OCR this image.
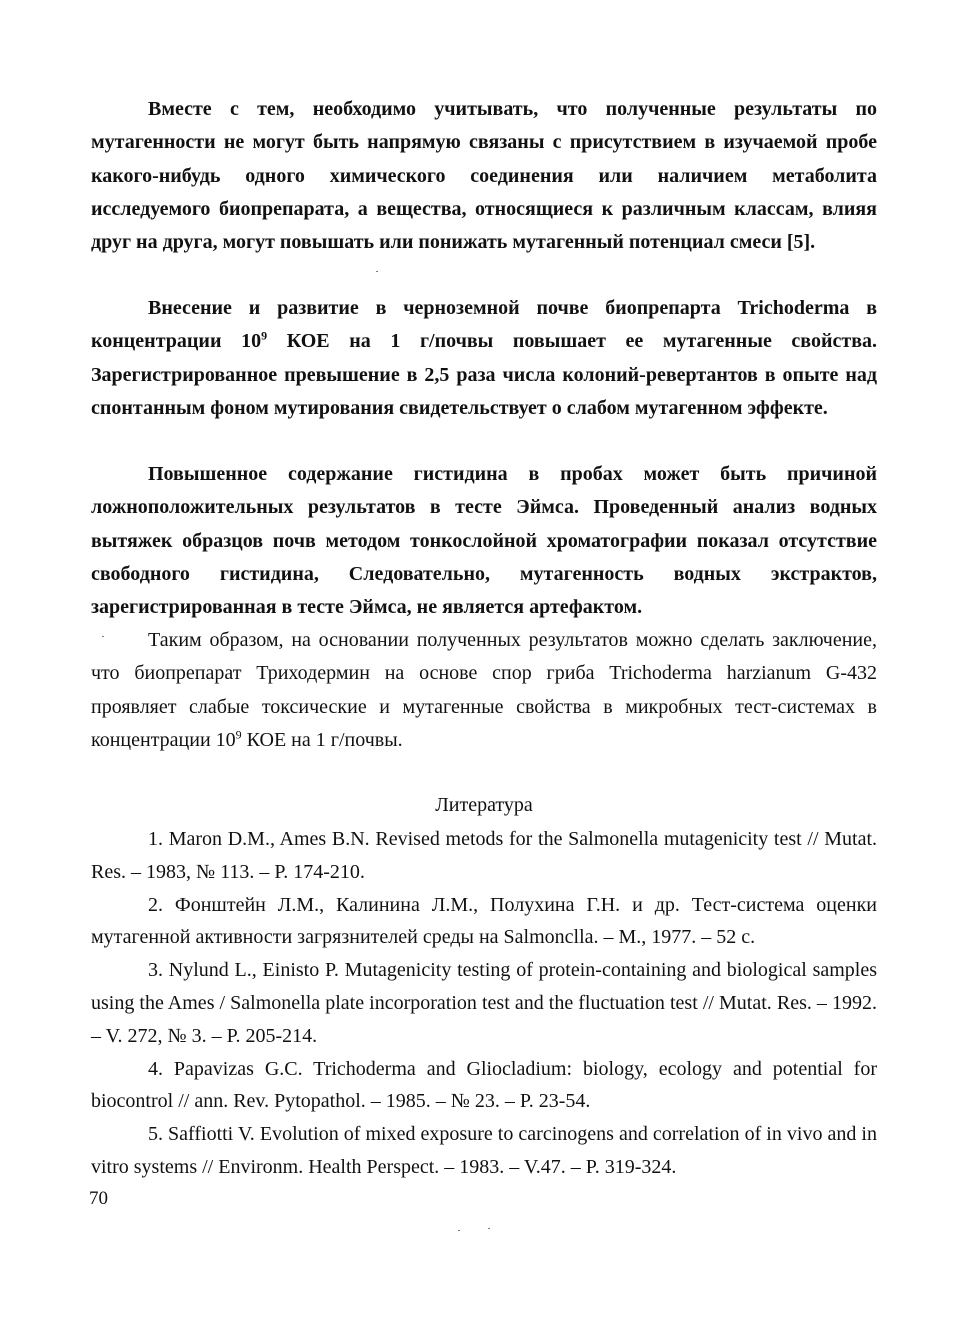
Вместе с тем, необходимо учитывать, что полученные результаты по мутагенности не могут быть напрямую связаны с присутствием в изучаемой пробе какого-нибудь одного химического соединения или наличием метаболита исследуемого биопрепарата, а вещества, относящиеся к различным классам, влияя друг на друга, могут повышать или понижать мутагенный потенциал смеси [5].

Внесение и развитие в черноземной почве биопрепарта Trichoderma в концентрации $10^9$ КОЕ на 1 г/почвы повышает ее мутагенные свойства. Зарегистрированное превышение в 2,5 раза числа колоний-ревертантов в опыте над спонтанным фоном мутирования свидетельствует о слабом мутагенном эффекте.

Повышенное содержание гистидина в пробах может быть причиной ложноположительных результатов в тесте Эймса. Проведенный анализ водных вытяжек образцов почв методом тонкослойной хроматографии показал отсутствие свободного гистидина, Следовательно, мутагенность водных экстрактов, зарегистрированная в тесте Эймса, не является артефактом.

Таким образом, на основании полученных результатов можно сделать заключение, что биопрепарат Триходермин на основе спор гриба Trichoderma harzianum G-432 проявляет слабые токсические и мутагенные свойства в микробных тест-системах в концентрации $10^9$ КОЕ на 1 г/почвы.

Литература

1. Maron D.M., Ames B.N. Revised metods for the Salmonella mutagenicity test // Mutat. Res. – 1983, № 113. – P. 174-210.

2. Фонштейн Л.М., Калинина Л.М., Полухина Г.Н. и др. Тест-система оценки мутагенной активности загрязнителей среды на Salmonclla. – М., 1977. – 52 с.

3. Nylund L., Einisto P. Mutagenicity testing of protein-containing and biological samples using the Ames / Salmonella plate incorporation test and the fluctuation test // Mutat. Res. – 1992. – V. 272, № 3. – P. 205-214.

4. Papavizas G.C. Trichoderma and Gliocladium: biology, ecology and potential for biocontrol // ann. Rev. Pytopathol. – 1985. – № 23. – P. 23-54.

5. Saffiotti V. Evolution of mixed exposure to carcinogens and correlation of in vivo and in vitro systems // Environm. Health Perspect. – 1983. – V.47. – P. 319-324.

70
